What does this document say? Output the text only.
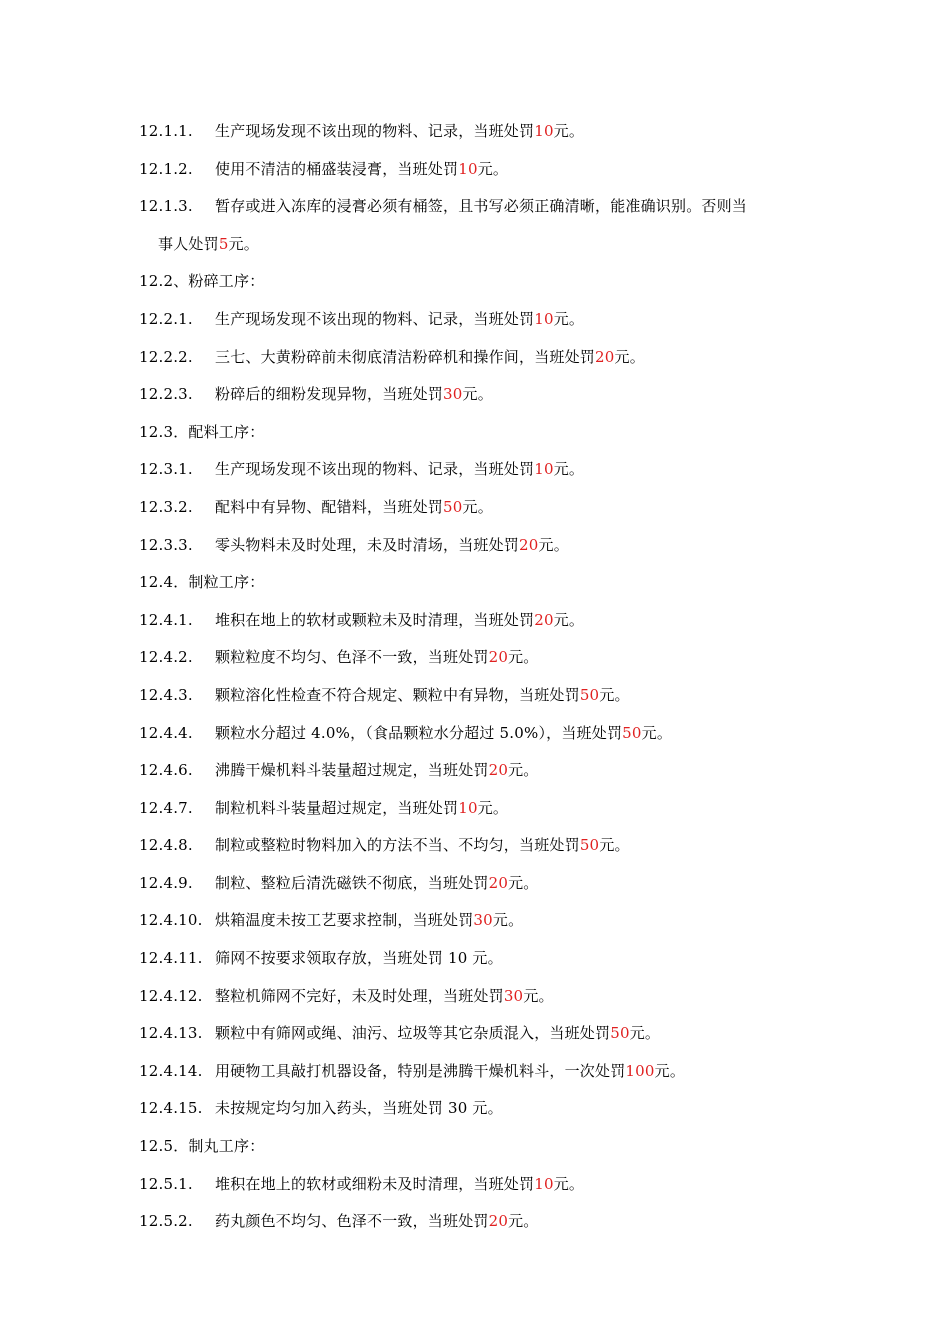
12.1.1. 生产现场发现不该出现的物料、记录，当班处罚10元。
12.1.2. 使用不清洁的桶盛装浸膏，当班处罚10元。
12.1.3. 暂存或进入冻库的浸膏必须有桶签，且书写必须正确清晰，能准确识别。否则当
事人处罚5元。
12.2、粉碎工序：
12.2.1. 生产现场发现不该出现的物料、记录，当班处罚10元。
12.2.2. 三七、大黄粉碎前未彻底清洁粉碎机和操作间，当班处罚20元。
12.2.3. 粉碎后的细粉发现异物，当班处罚30元。
12.3．配料工序：
12.3.1. 生产现场发现不该出现的物料、记录，当班处罚10元。
12.3.2. 配料中有异物、配错料，当班处罚50元。
12.3.3. 零头物料未及时处理，未及时清场，当班处罚20元。
12.4．制粒工序：
12.4.1. 堆积在地上的软材或颗粒未及时清理，当班处罚20元。
12.4.2. 颗粒粒度不均匀、色泽不一致，当班处罚20元。
12.4.3. 颗粒溶化性检查不符合规定、颗粒中有异物，当班处罚50元。
12.4.4. 颗粒水分超过 4.0%，（食品颗粒水分超过 5.0%），当班处罚50元。
12.4.6. 沸腾干燥机料斗装量超过规定，当班处罚20元。
12.4.7. 制粒机料斗装量超过规定，当班处罚10元。
12.4.8. 制粒或整粒时物料加入的方法不当、不均匀，当班处罚50元。
12.4.9. 制粒、整粒后清洗磁铁不彻底，当班处罚20元。
12.4.10. 烘箱温度未按工艺要求控制，当班处罚30元。
12.4.11. 筛网不按要求领取存放，当班处罚 10 元。
12.4.12. 整粒机筛网不完好，未及时处理，当班处罚30元。
12.4.13. 颗粒中有筛网或绳、油污、垃圾等其它杂质混入，当班处罚50元。
12.4.14. 用硬物工具敲打机器设备，特别是沸腾干燥机料斗，一次处罚100元。
12.4.15. 未按规定均匀加入药头，当班处罚 30 元。
12.5．制丸工序：
12.5.1. 堆积在地上的软材或细粉未及时清理，当班处罚10元。
12.5.2. 药丸颜色不均匀、色泽不一致，当班处罚20元。
